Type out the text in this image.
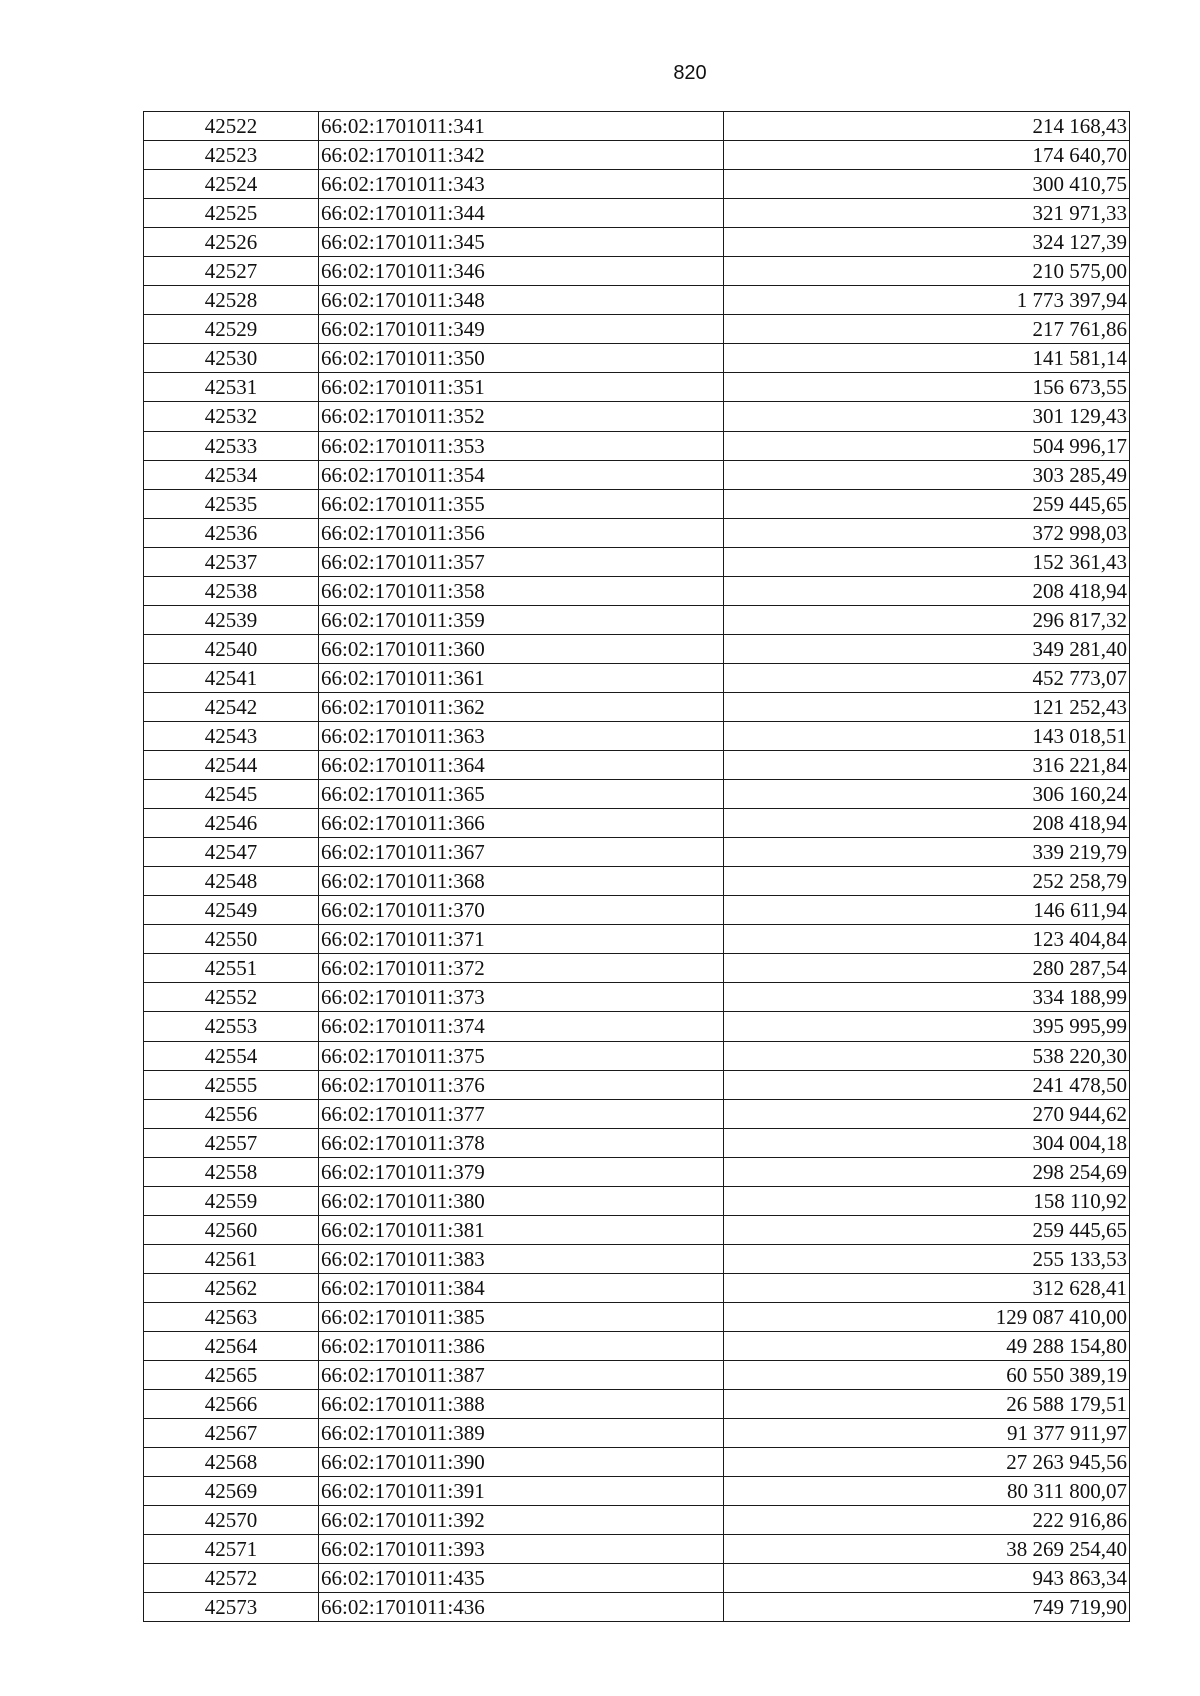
820
42522	66:02:1701011:341	214 168,43
42523	66:02:1701011:342	174 640,70
42524	66:02:1701011:343	300 410,75
42525	66:02:1701011:344	321 971,33
42526	66:02:1701011:345	324 127,39
42527	66:02:1701011:346	210 575,00
42528	66:02:1701011:348	1 773 397,94
42529	66:02:1701011:349	217 761,86
42530	66:02:1701011:350	141 581,14
42531	66:02:1701011:351	156 673,55
42532	66:02:1701011:352	301 129,43
42533	66:02:1701011:353	504 996,17
42534	66:02:1701011:354	303 285,49
42535	66:02:1701011:355	259 445,65
42536	66:02:1701011:356	372 998,03
42537	66:02:1701011:357	152 361,43
42538	66:02:1701011:358	208 418,94
42539	66:02:1701011:359	296 817,32
42540	66:02:1701011:360	349 281,40
42541	66:02:1701011:361	452 773,07
42542	66:02:1701011:362	121 252,43
42543	66:02:1701011:363	143 018,51
42544	66:02:1701011:364	316 221,84
42545	66:02:1701011:365	306 160,24
42546	66:02:1701011:366	208 418,94
42547	66:02:1701011:367	339 219,79
42548	66:02:1701011:368	252 258,79
42549	66:02:1701011:370	146 611,94
42550	66:02:1701011:371	123 404,84
42551	66:02:1701011:372	280 287,54
42552	66:02:1701011:373	334 188,99
42553	66:02:1701011:374	395 995,99
42554	66:02:1701011:375	538 220,30
42555	66:02:1701011:376	241 478,50
42556	66:02:1701011:377	270 944,62
42557	66:02:1701011:378	304 004,18
42558	66:02:1701011:379	298 254,69
42559	66:02:1701011:380	158 110,92
42560	66:02:1701011:381	259 445,65
42561	66:02:1701011:383	255 133,53
42562	66:02:1701011:384	312 628,41
42563	66:02:1701011:385	129 087 410,00
42564	66:02:1701011:386	49 288 154,80
42565	66:02:1701011:387	60 550 389,19
42566	66:02:1701011:388	26 588 179,51
42567	66:02:1701011:389	91 377 911,97
42568	66:02:1701011:390	27 263 945,56
42569	66:02:1701011:391	80 311 800,07
42570	66:02:1701011:392	222 916,86
42571	66:02:1701011:393	38 269 254,40
42572	66:02:1701011:435	943 863,34
42573	66:02:1701011:436	749 719,90
